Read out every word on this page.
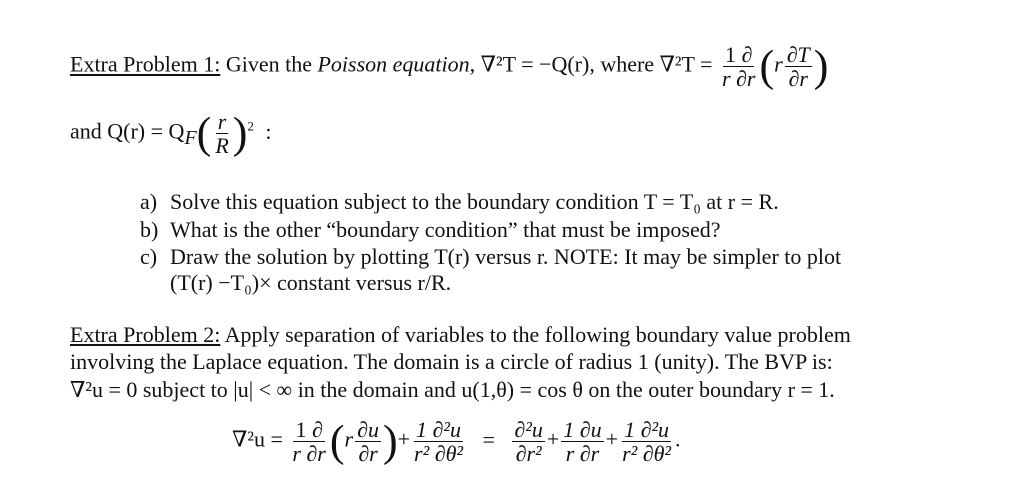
Extra Problem 1: Given the Poisson equation, ∇²T = −Q(r), where $\nabla^2T = \frac{1 \partial}{r \partial r} (r \frac{\partial T}{\partial r}$ )
and $Q(r) = Q_F( \frac{r}{R} )^2$ :
a) Solve this equation subject to the boundary condition T = T₀ at r = R.
b) What is the other “boundary condition” that must be imposed?
c) Draw the solution by plotting T(r) versus r. NOTE: It may be simpler to plot
(T(r) −T₀)× constant versus r/R.
Extra Problem 2: Apply separation of variables to the following boundary value problem
involving the Laplace equation. The domain is a circle of radius 1 (unity). The BVP is:
∇²u = 0 subject to |u| < ∞ in the domain and u(1,θ) = cos θ on the outer boundary r = 1.
$\nabla^2u = \frac{1 \partial}{r \partial r} (r \frac{\partial u}{\partial r}$ )+ $\frac{\text{1 ∂²u}}{\text{r² ∂θ²}} = \frac{\text{∂²u}}{\text{∂r²}} + \frac{1 \partial u}{r \partial r} + \frac{\text{1 ∂²u}}{\text{r² ∂θ²}}$ .
